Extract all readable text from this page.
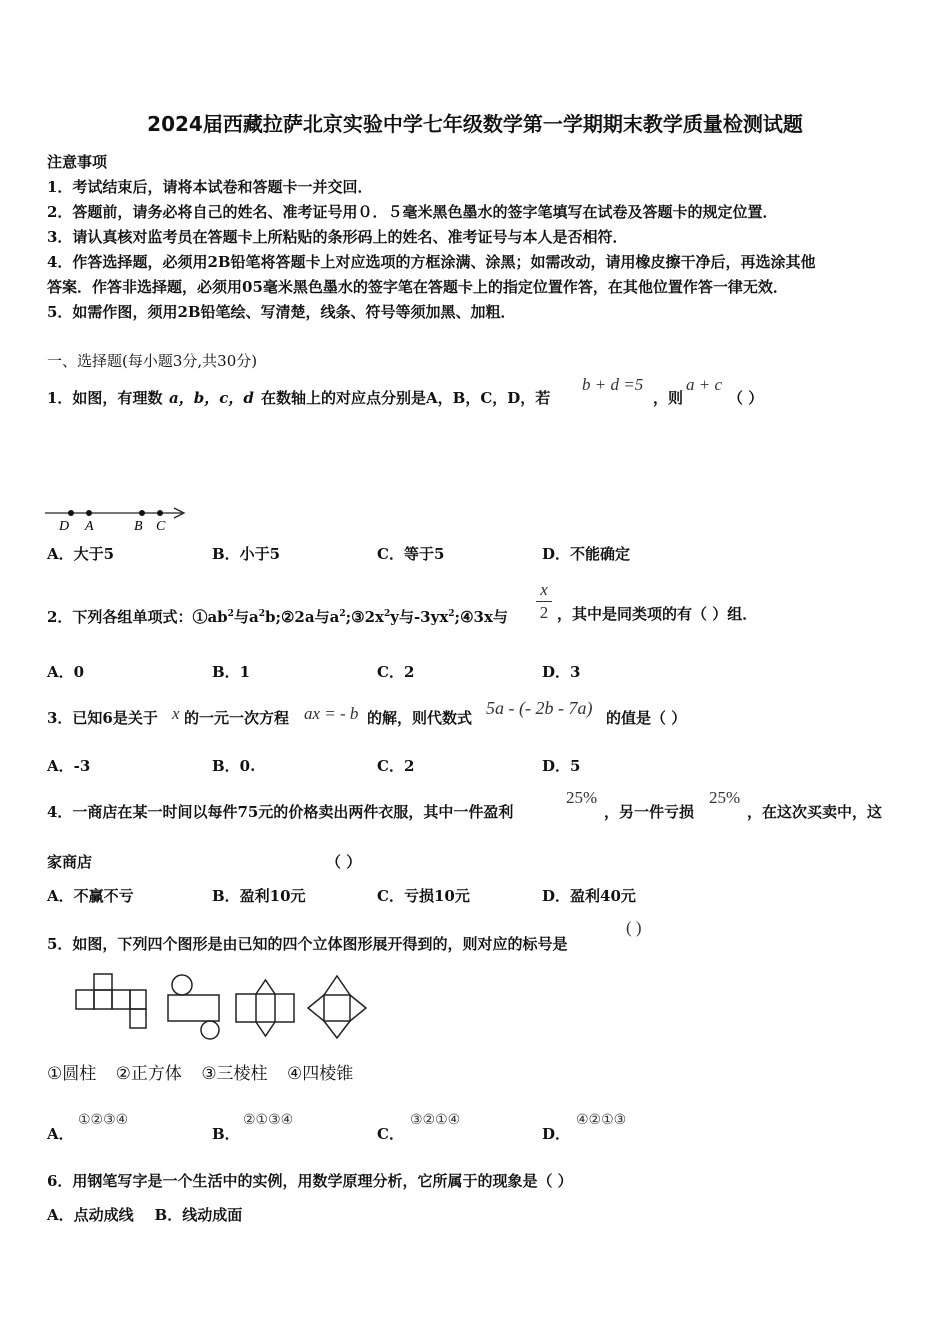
2024届西藏拉萨北京实验中学七年级数学第一学期期末教学质量检测试题
注意事项
1．考试结束后，请将本试卷和答题卡一并交回．
2．答题前，请务必将自己的姓名、准考证号用０．５毫米黑色墨水的签字笔填写在试卷及答题卡的规定位置．
3．请认真核对监考员在答题卡上所粘贴的条形码上的姓名、准考证号与本人是否相符．
4．作答选择题，必须用2B铅笔将答题卡上对应选项的方框涂满、涂黑；如需改动，请用橡皮擦干净后，再选涂其他
答案．作答非选择题，必须用05毫米黑色墨水的签字笔在答题卡上的指定位置作答，在其他位置作答一律无效．
5．如需作图，须用2B铅笔绘、写清楚，线条、符号等须加黑、加粗．
一、选择题(每小题3分,共30分)
1．如图，有理数 a，b，c，d 在数轴上的对应点分别是A，B，C，D，若
b + d =5
，则
a + c
（ ）
D A	B C
A．大于5	B．小于5	C．等于5	D．不能确定
2．下列各组单项式：$①ab^2$与$a^2b;②2a$与$a^2;③2x^2y$与$-3yx^2;④3x$与
x
2 ，其中是同类项的有（ ）组．
A．0	B．1	C．2	D．3
3．已知6是关于 x 的一元一次方程 ax = - b 的解，则代数式 5a - (- 2b - 7a) 的值是（ ）
A．-3	B．0.	C．2	D．5
4．一商店在某一时间以每件75元的价格卖出两件衣服，其中一件盈利
25%
，另一件亏损
25%
，在这次买卖中，这
家商店	（ ）
A．不赢不亏	B．盈利10元	C．亏损10元	D．盈利40元
5．如图，下列四个图形是由已知的四个立体图形展开得到的，则对应的标号是
( )
①圆柱 ②正方体 ③三棱柱 ④四棱锥
A．
①②③④
B．
②①③④
C．
③②①④
D．
④②①③
6．用钢笔写字是一个生活中的实例，用数学原理分析，它所属于的现象是（ ）
A．点动成线    B．线动成面
